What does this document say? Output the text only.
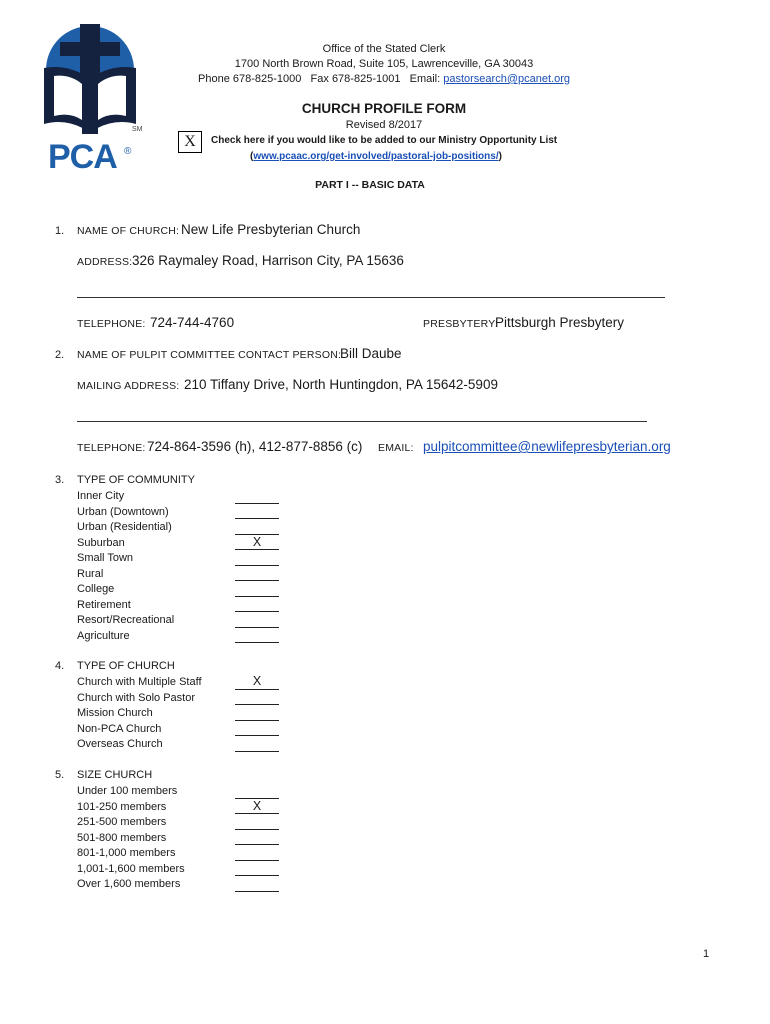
SM
PCA ®
Office of the Stated Clerk
1700 North Brown Road, Suite 105, Lawrenceville, GA 30043
Phone 678-825-1000   Fax 678-825-1001   Email: pastorsearch@pcanet.org
CHURCH PROFILE FORM
Revised 8/2017
X	Check here if you would like to be added to our Ministry Opportunity List
(www.pcaac.org/get-involved/pastoral-job-positions/)
PART I -- BASIC DATA
1. NAME OF CHURCH: New Life Presbyterian Church
ADDRESS: 326 Raymaley Road, Harrison City, PA 15636
TELEPHONE: 724-744-4760	PRESBYTERY:
Pittsburgh Presbytery
2. NAME OF PULPIT COMMITTEE CONTACT PERSON:
Bill Daube
MAILING ADDRESS: 210 Tiffany Drive, North Huntingdon, PA 15642-5909
TELEPHONE: 724-864-3596 (h), 412-877-8856 (c) EMAIL: pulpitcommittee@newlifepresbyterian.org
3. TYPE OF COMMUNITY
Inner City
Urban (Downtown)
Urban (Residential)
Suburban	X
Small Town
Rural
College
Retirement
Resort/Recreational
Agriculture
4. TYPE OF CHURCH
Church with Multiple Staff	X
Church with Solo Pastor
Mission Church
Non-PCA Church
Overseas Church
5. SIZE CHURCH
Under 100 members
101-250 members	X
251-500 members
501-800 members
801-1,000 members
1,001-1,600 members
Over 1,600 members
1
